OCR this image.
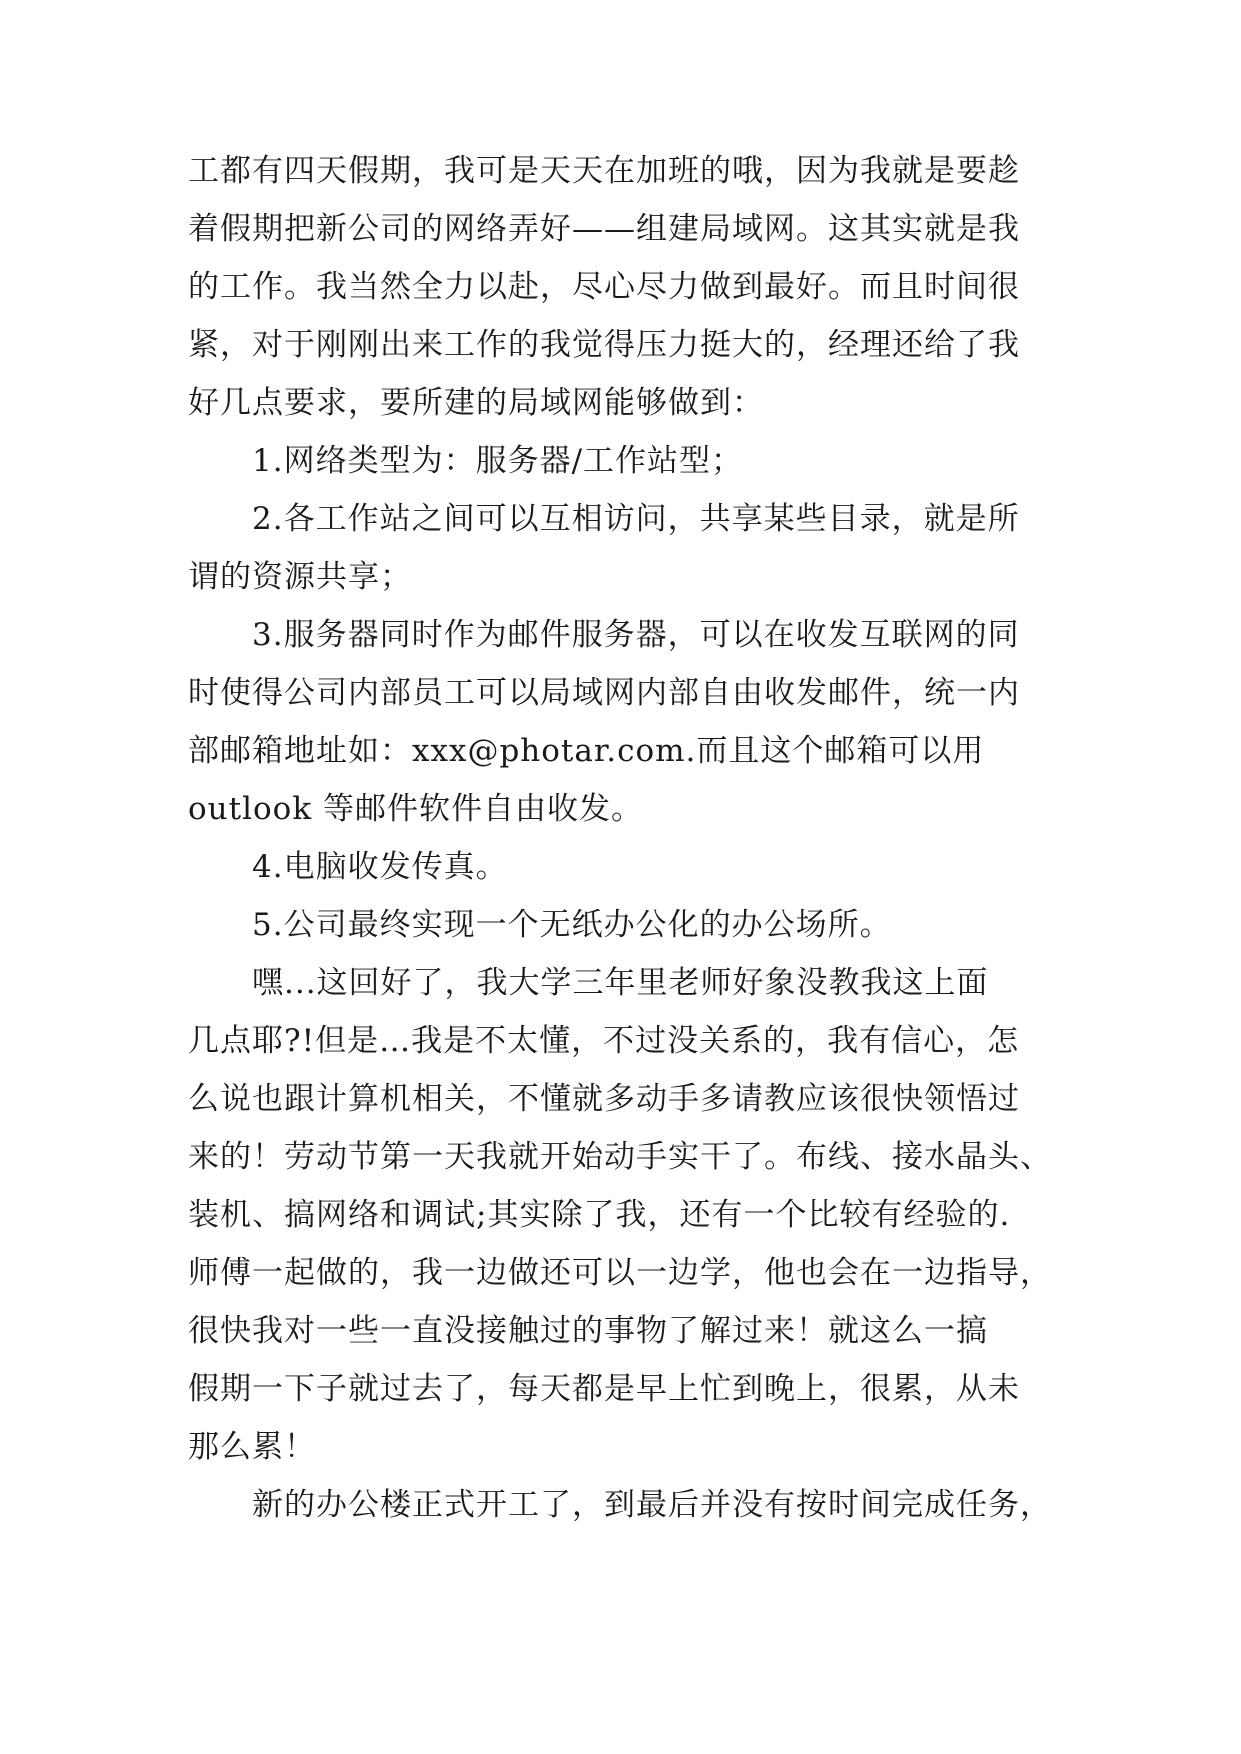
工都有四天假期，我可是天天在加班的哦，因为我就是要趁
着假期把新公司的网络弄好——组建局域网。这其实就是我
的工作。我当然全力以赴，尽心尽力做到最好。而且时间很
紧，对于刚刚出来工作的我觉得压力挺大的，经理还给了我
好几点要求，要所建的局域网能够做到：
1.网络类型为：服务器/工作站型；
2.各工作站之间可以互相访问，共享某些目录，就是所
谓的资源共享；
3.服务器同时作为邮件服务器，可以在收发互联网的同
时使得公司内部员工可以局域网内部自由收发邮件，统一内
部邮箱地址如：xxx@photar.com.而且这个邮箱可以用
outlook 等邮件软件自由收发。
4.电脑收发传真。
5.公司最终实现一个无纸办公化的办公场所。
嘿...这回好了，我大学三年里老师好象没教我这上面
几点耶?!但是…我是不太懂，不过没关系的，我有信心，怎
么说也跟计算机相关，不懂就多动手多请教应该很快领悟过
来的！劳动节第一天我就开始动手实干了。布线、接水晶头、
装机、搞网络和调试;其实除了我，还有一个比较有经验的.
师傅一起做的，我一边做还可以一边学，他也会在一边指导，
很快我对一些一直没接触过的事物了解过来！就这么一搞
假期一下子就过去了，每天都是早上忙到晚上，很累，从未
那么累！
新的办公楼正式开工了，到最后并没有按时间完成任务，
